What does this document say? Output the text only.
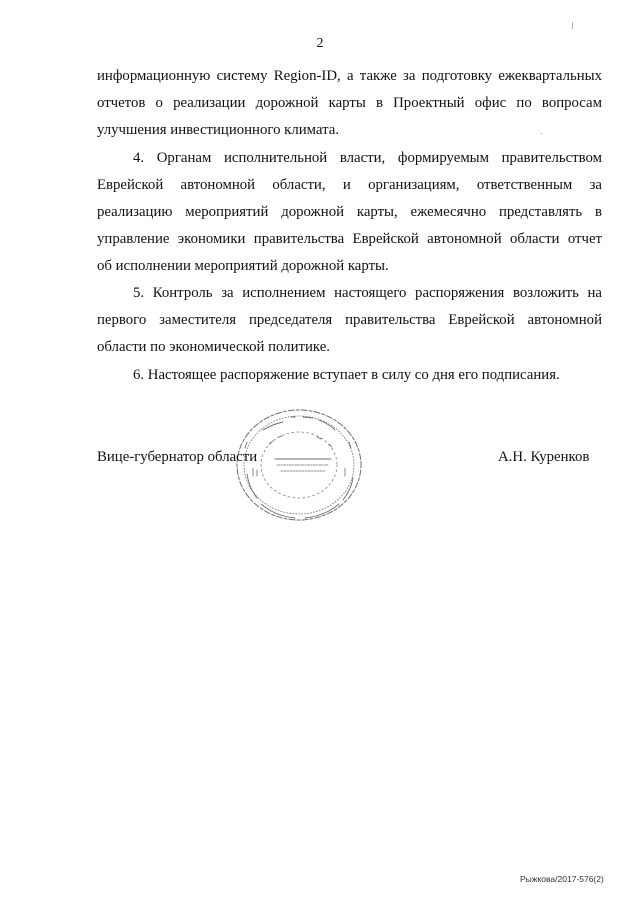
2
информационную систему Region-ID, а также за подготовку ежеквартальных
отчетов о реализации дорожной карты в Проектный офис по вопросам
улучшения инвестиционного климата.
4. Органам исполнительной власти, формируемым правительством
Еврейской автономной области, и организациям, ответственным за
реализацию мероприятий дорожной карты, ежемесячно представлять в
управление экономики правительства Еврейской автономной области отчет
об исполнении мероприятий дорожной карты.
5. Контроль за исполнением настоящего распоряжения возложить на
первого заместителя председателя правительства Еврейской автономной
области по экономической политике.
6. Настоящее распоряжение вступает в силу со дня его подписания.
Вице-губернатор области	А.Н. Куренков
Рыжкова/2017-576(2)
